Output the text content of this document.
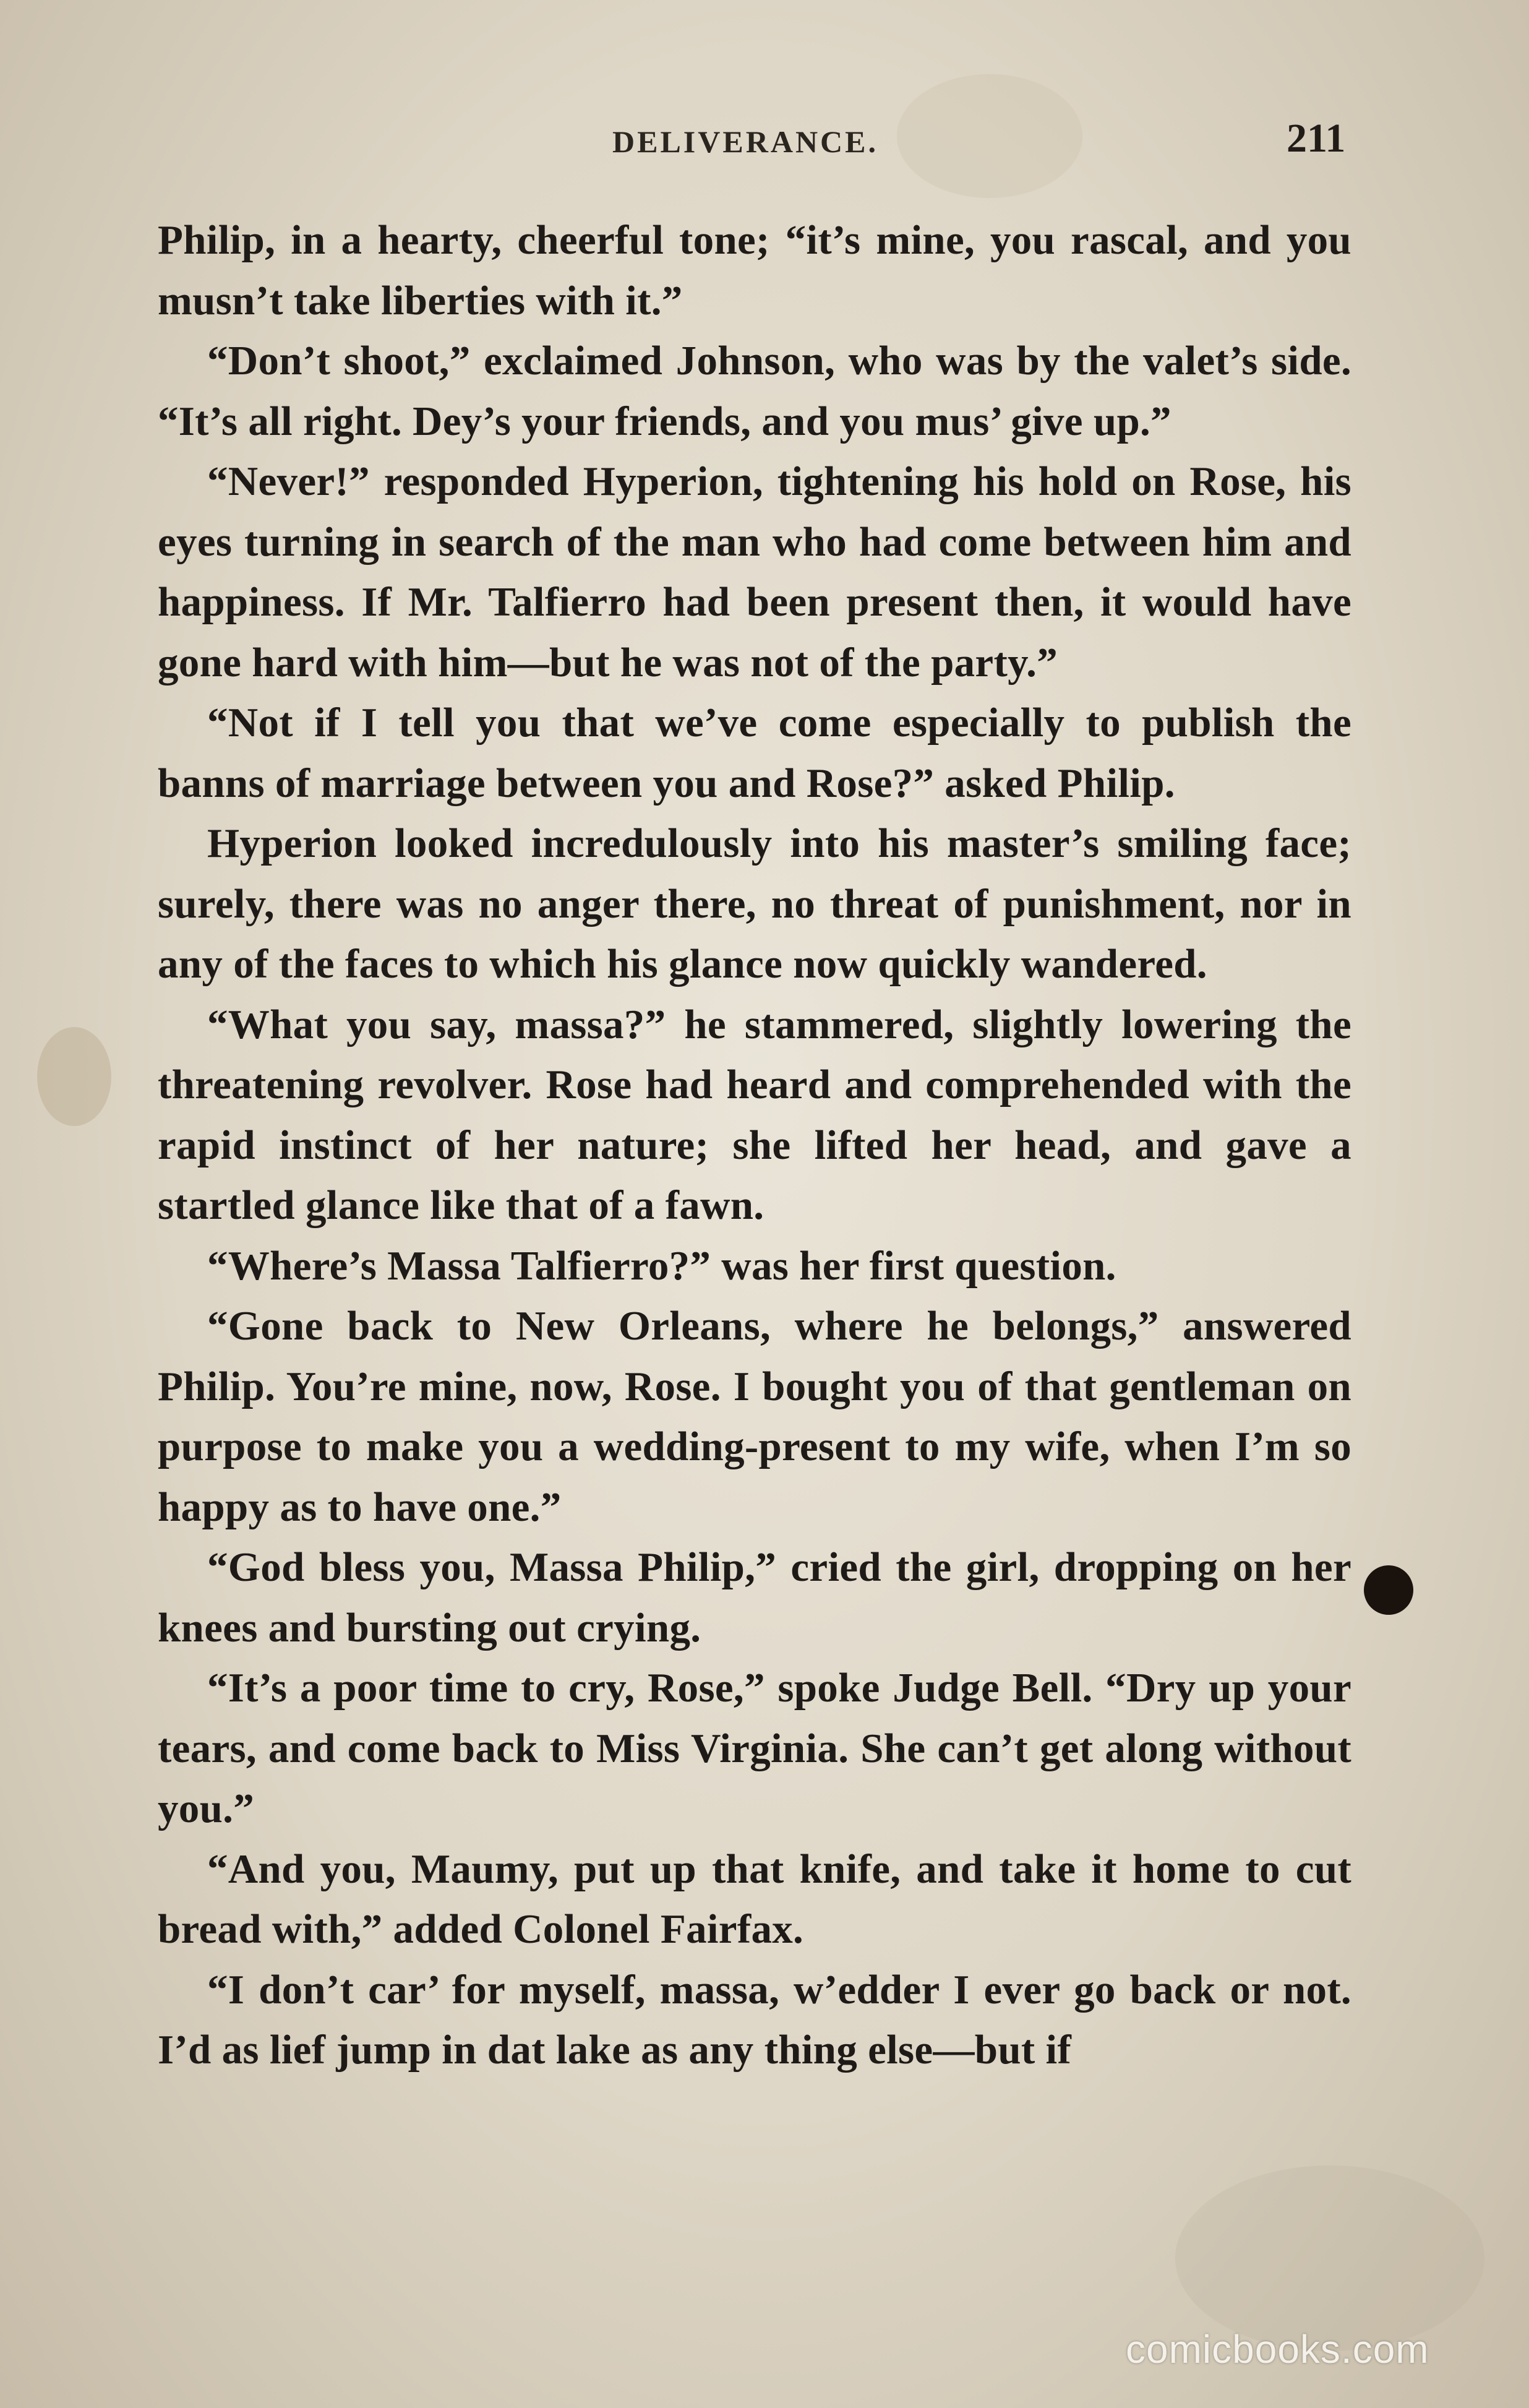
DELIVERANCE.	211

Philip, in a hearty, cheerful tone; “it’s mine, you rascal, and you musn’t take liberties with it.”

“Don’t shoot,” exclaimed Johnson, who was by the valet’s side. “It’s all right. Dey’s your friends, and you mus’ give up.”

“Never!” responded Hyperion, tightening his hold on Rose, his eyes turning in search of the man who had come between him and happiness. If Mr. Talfierro had been present then, it would have gone hard with him—but he was not of the party.”

“Not if I tell you that we’ve come especially to publish the banns of marriage between you and Rose?” asked Philip.

Hyperion looked incredulously into his master’s smiling face; surely, there was no anger there, no threat of punishment, nor in any of the faces to which his glance now quickly wandered.

“What you say, massa?” he stammered, slightly lowering the threatening revolver. Rose had heard and comprehended with the rapid instinct of her nature; she lifted her head, and gave a startled glance like that of a fawn.

“Where’s Massa Talfierro?” was her first question.

“Gone back to New Orleans, where he belongs,” answered Philip. You’re mine, now, Rose. I bought you of that gentleman on purpose to make you a wedding-present to my wife, when I’m so happy as to have one.”

“God bless you, Massa Philip,” cried the girl, dropping on her knees and bursting out crying.

“It’s a poor time to cry, Rose,” spoke Judge Bell. “Dry up your tears, and come back to Miss Virginia. She can’t get along without you.”

“And you, Maumy, put up that knife, and take it home to cut bread with,” added Colonel Fairfax.

“I don’t car’ for myself, massa, w’edder I ever go back or not. I’d as lief jump in dat lake as any thing else—but if

comicbooks.com
